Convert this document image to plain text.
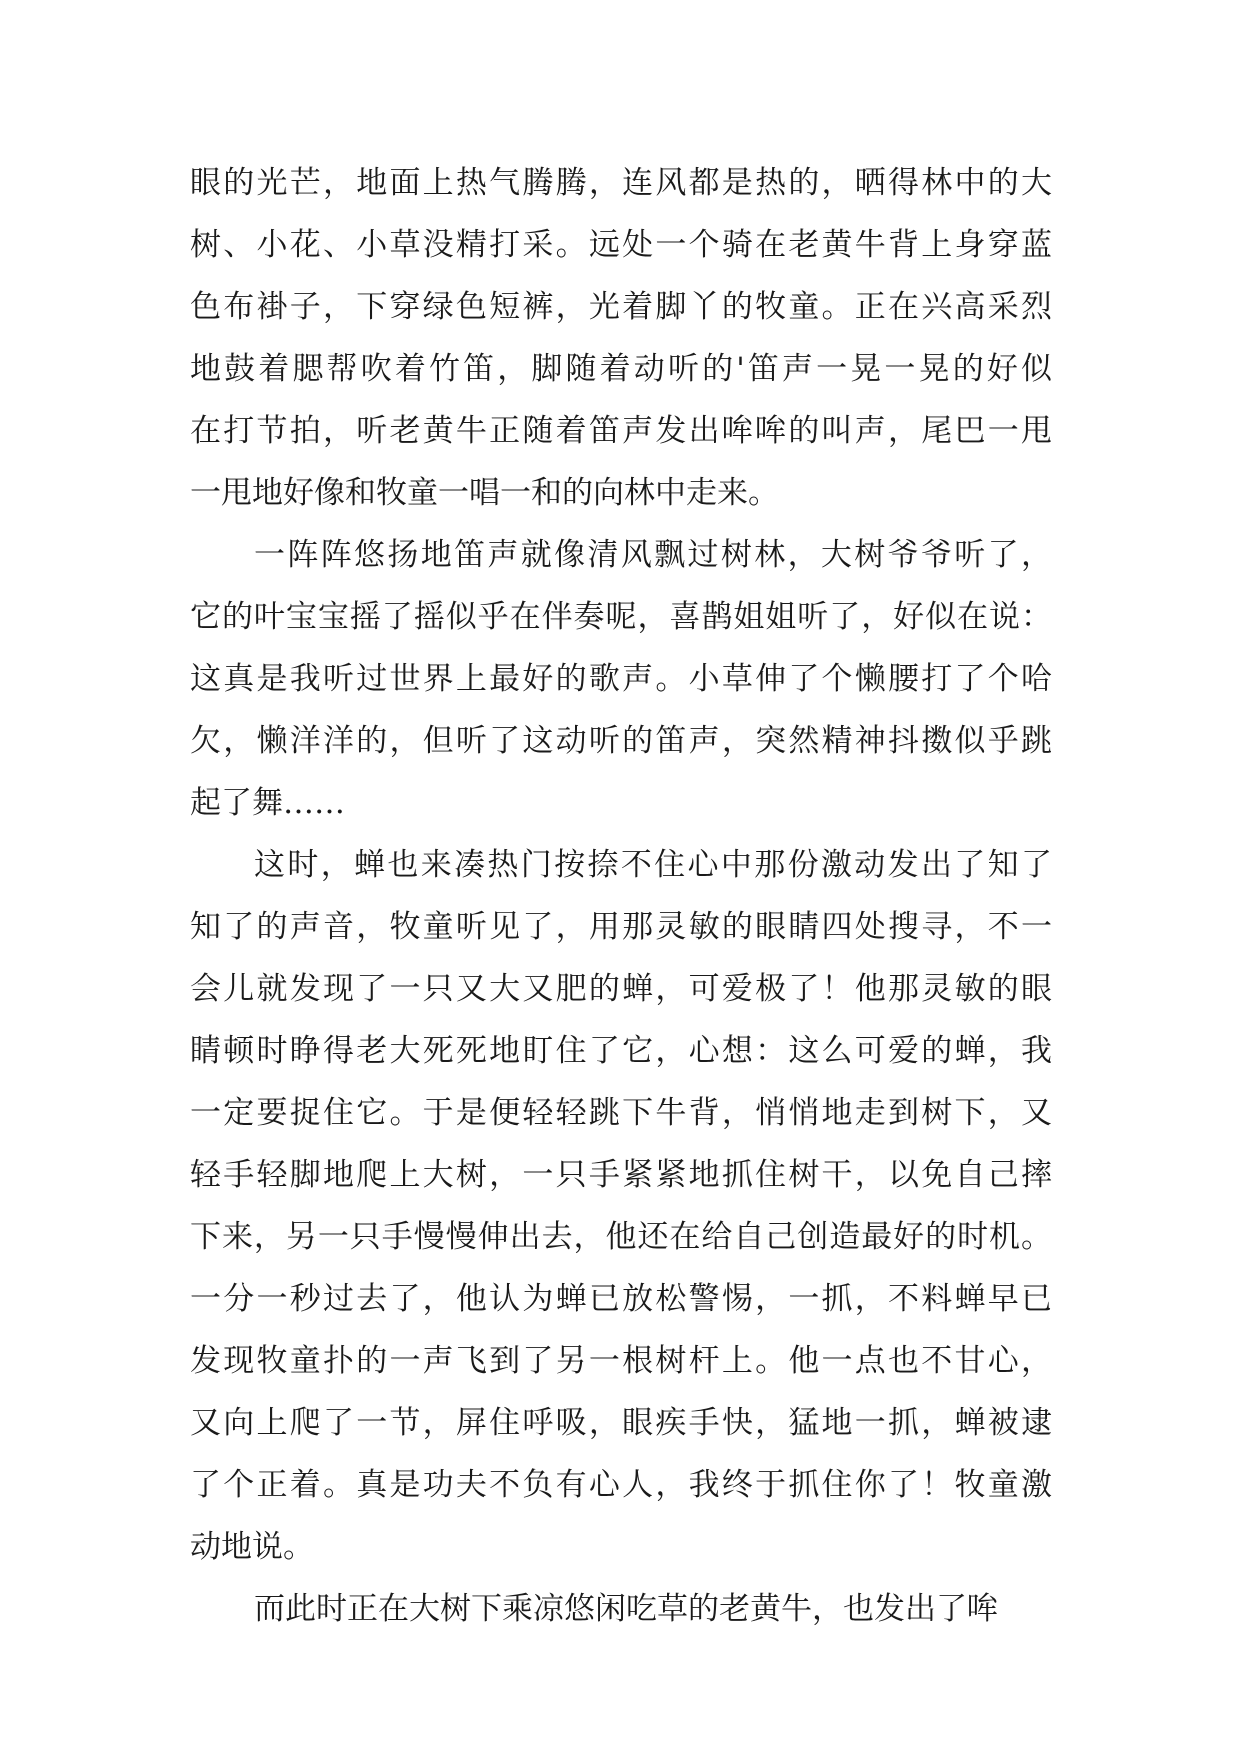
眼的光芒，地面上热气腾腾，连风都是热的，晒得林中的大
树、小花、小草没精打采。远处一个骑在老黄牛背上身穿蓝
色布褂子，下穿绿色短裤，光着脚丫的牧童。正在兴高采烈
地鼓着腮帮吹着竹笛，脚随着动听的'笛声一晃一晃的好似
在打节拍，听老黄牛正随着笛声发出哞哞的叫声，尾巴一甩
一甩地好像和牧童一唱一和的向林中走来。
一阵阵悠扬地笛声就像清风飘过树林，大树爷爷听了，
它的叶宝宝摇了摇似乎在伴奏呢，喜鹊姐姐听了，好似在说：
这真是我听过世界上最好的歌声。小草伸了个懒腰打了个哈
欠，懒洋洋的，但听了这动听的笛声，突然精神抖擞似乎跳
起了舞……
这时，蝉也来凑热门按捺不住心中那份激动发出了知了
知了的声音，牧童听见了，用那灵敏的眼睛四处搜寻，不一
会儿就发现了一只又大又肥的蝉，可爱极了！他那灵敏的眼
睛顿时睁得老大死死地盯住了它，心想：这么可爱的蝉，我
一定要捉住它。于是便轻轻跳下牛背，悄悄地走到树下，又
轻手轻脚地爬上大树，一只手紧紧地抓住树干，以免自己摔
下来，另一只手慢慢伸出去，他还在给自己创造最好的时机。
一分一秒过去了，他认为蝉已放松警惕，一抓，不料蝉早已
发现牧童扑的一声飞到了另一根树杆上。他一点也不甘心，
又向上爬了一节，屏住呼吸，眼疾手快，猛地一抓，蝉被逮
了个正着。真是功夫不负有心人，我终于抓住你了！牧童激
动地说。
而此时正在大树下乘凉悠闲吃草的老黄牛，也发出了哞
